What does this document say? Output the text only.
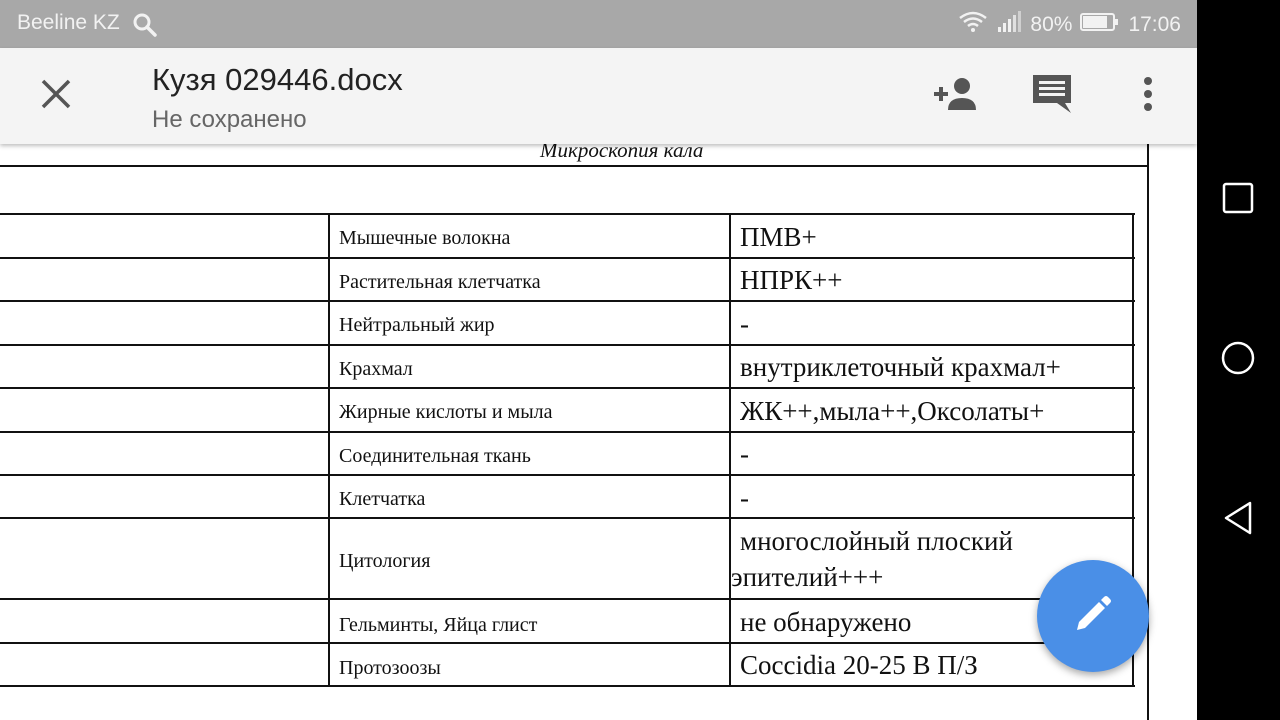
Beeline KZ	80%	17:06
Кузя 029446.docx
Не сохранено
Микроскопия кала
Мышечные волокна
Растительная клетчатка
Нейтральный жир
Крахмал
Жирные кислоты и мыла
Соединительная ткань
Клетчатка
Цитология
Гельминты, Яйца глист
Протозоозы
ПМВ+
НПРК++
-
внутриклеточный крахмал+
ЖК++,мыла++,Оксолаты+
-
-
многослойный плоский
эпителий+++
не обнаружено
Coccidia 20-25 В П/З
